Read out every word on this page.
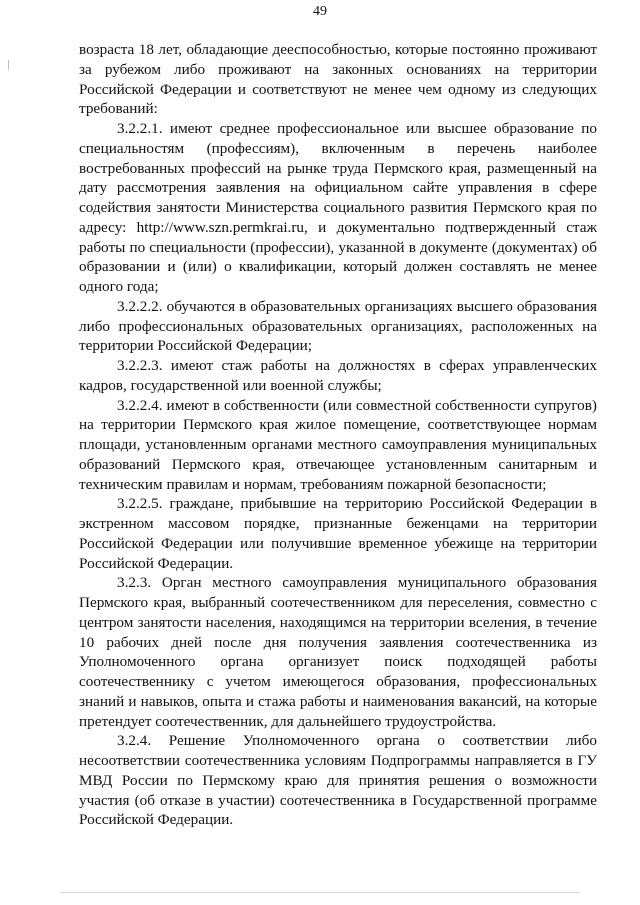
49

возраста 18 лет, обладающие дееспособностью, которые постоянно проживают за рубежом либо проживают на законных основаниях на территории Российской Федерации и соответствуют не менее чем одному из следующих требований:

3.2.2.1. имеют среднее профессиональное или высшее образование по специальностям (профессиям), включенным в перечень наиболее востребованных профессий на рынке труда Пермского края, размещенный на дату рассмотрения заявления на официальном сайте управления в сфере содействия занятости Министерства социального развития Пермского края по адресу: http://www.szn.permkrai.ru, и документально подтвержденный стаж работы по специальности (профессии), указанной в документе (документах) об образовании и (или) о квалификации, который должен составлять не менее одного года;

3.2.2.2. обучаются в образовательных организациях высшего образования либо профессиональных образовательных организациях, расположенных на территории Российской Федерации;

3.2.2.3. имеют стаж работы на должностях в сферах управленческих кадров, государственной или военной службы;

3.2.2.4. имеют в собственности (или совместной собственности супругов) на территории Пермского края жилое помещение, соответствующее нормам площади, установленным органами местного самоуправления муниципальных образований Пермского края, отвечающее установленным санитарным и техническим правилам и нормам, требованиям пожарной безопасности;

3.2.2.5. граждане, прибывшие на территорию Российской Федерации в экстренном массовом порядке, признанные беженцами на территории Российской Федерации или получившие временное убежище на территории Российской Федерации.

3.2.3. Орган местного самоуправления муниципального образования Пермского края, выбранный соотечественником для переселения, совместно с центром занятости населения, находящимся на территории вселения, в течение 10 рабочих дней после дня получения заявления соотечественника из Уполномоченного органа организует поиск подходящей работы соотечественнику с учетом имеющегося образования, профессиональных знаний и навыков, опыта и стажа работы и наименования вакансий, на которые претендует соотечественник, для дальнейшего трудоустройства.

3.2.4. Решение Уполномоченного органа о соответствии либо несоответствии соотечественника условиям Подпрограммы направляется в ГУ МВД России по Пермскому краю для принятия решения о возможности участия (об отказе в участии) соотечественника в Государственной программе Российской Федерации.
